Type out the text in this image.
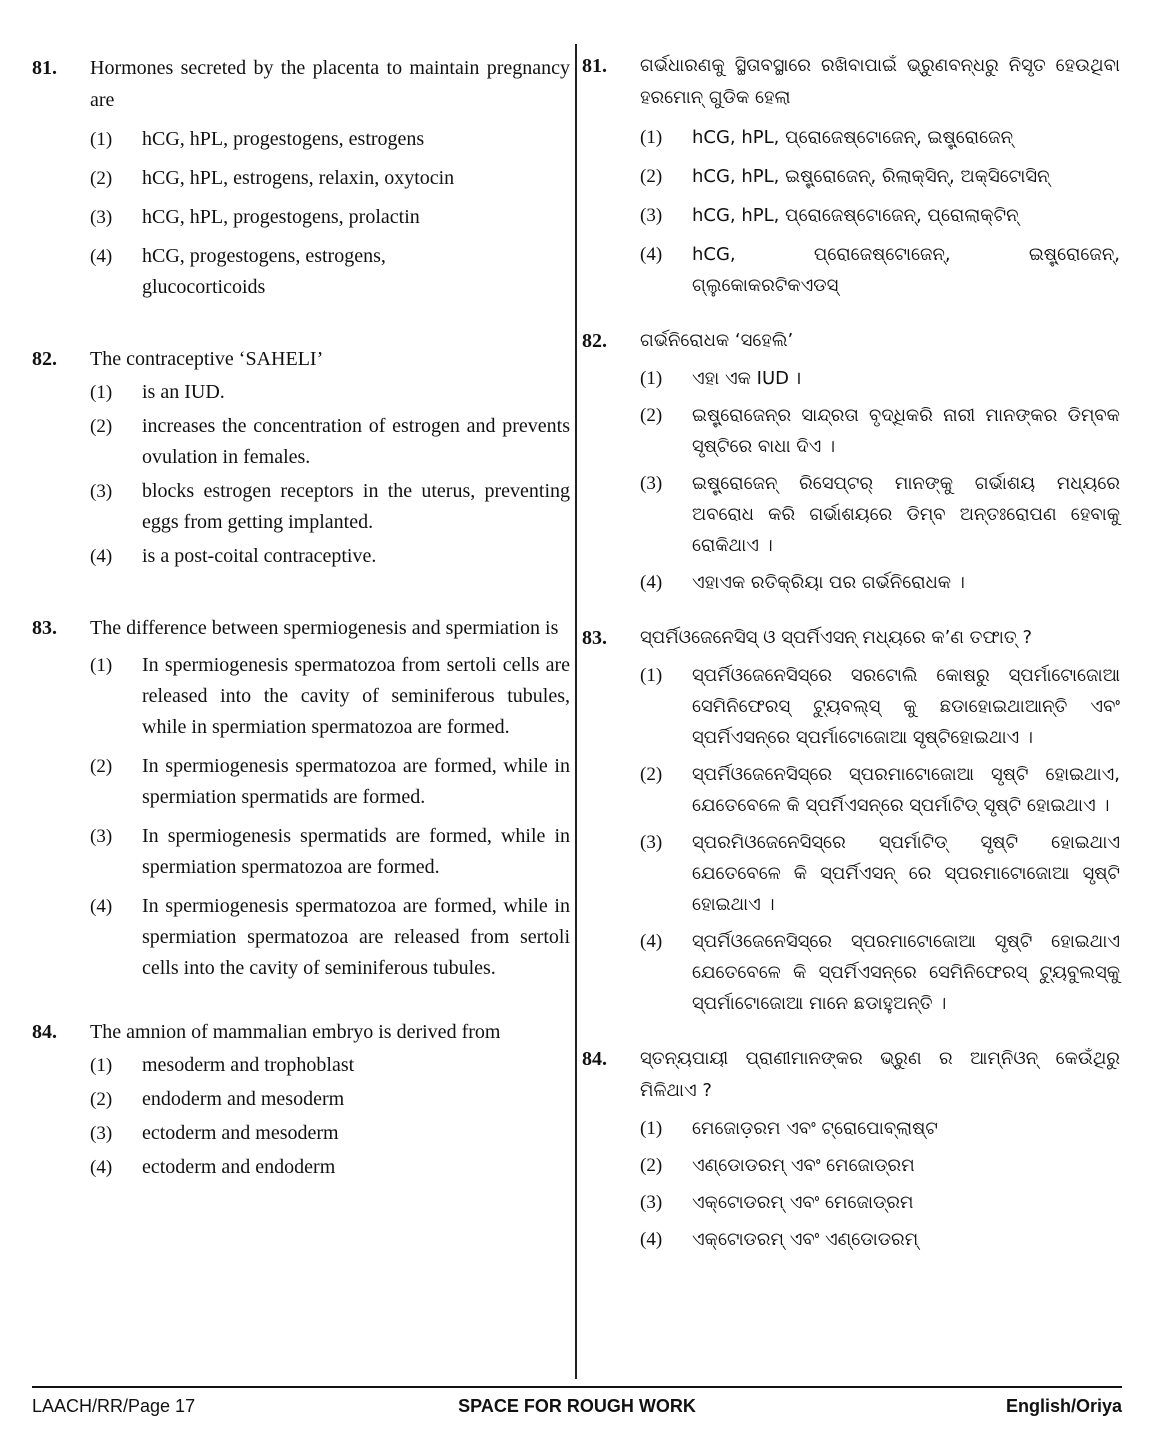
81.	Hormones secreted by the placenta to maintain pregnancy are
(1)	hCG, hPL, progestogens, estrogens
(2)	hCG, hPL, estrogens, relaxin, oxytocin
(3)	hCG, hPL, progestogens, prolactin
(4)	hCG, progestogens, estrogens, glucocorticoids
82.	The contraceptive ‘SAHELI’
(1)	is an IUD.
(2)	increases the concentration of estrogen and prevents ovulation in females.
(3)	blocks estrogen receptors in the uterus, preventing eggs from getting implanted.
(4)	is a post-coital contraceptive.
83.	The difference between spermiogenesis and spermiation is
(1)	In spermiogenesis spermatozoa from sertoli cells are released into the cavity of seminiferous tubules, while in spermiation spermatozoa are formed.
(2)	In spermiogenesis spermatozoa are formed, while in spermiation spermatids are formed.
(3)	In spermiogenesis spermatids are formed, while in spermiation spermatozoa are formed.
(4)	In spermiogenesis spermatozoa are formed, while in spermiation spermatozoa are released from sertoli cells into the cavity of seminiferous tubules.
84.	The amnion of mammalian embryo is derived from
(1)	mesoderm and trophoblast
(2)	endoderm and mesoderm
(3)	ectoderm and mesoderm
(4)	ectoderm and endoderm
81.	ଗର୍ଭଧାରଣକୁ ସ୍ଥିତାବସ୍ଥାରେ ରଖିବାପାଇଁ ଭ୍ରୁଣବନ୍ଧରୁ ନିସୃତ ହେଉଥିବା ହରମୋନ୍ ଗୁଡିକ ହେଲା
(1)	hCG, hPL, ପ୍ରୋଜେଷ୍ଟୋଜେନ୍, ଇଷ୍ଟ୍ରୋଜେନ୍
(2)	hCG, hPL, ଇଷ୍ଟ୍ରୋଜେନ୍, ରିଲାକ୍ସିନ୍, ଅକ୍ସିଟୋସିନ୍
(3)	hCG, hPL, ପ୍ରୋଜେଷ୍ଟୋଜେନ୍, ପ୍ରୋଲାକ୍ଟିନ୍
(4)	hCG, ପ୍ରୋଜେଷ୍ଟୋଜେନ୍, ଇଷ୍ଟ୍ରୋଜେନ୍, ଗ୍ଲୁକୋକରଟିକଏଡସ୍
82.	ଗର୍ଭନିରୋଧକ ‘ସହେଲି’
(1)	ଏହା ଏକ IUD ।
(2)	ଇଷ୍ଟ୍ରୋଜେନ୍‌ର ସାନ୍ଦ୍ରତା ବୃଦ୍ଧିକରି ନାରୀ ମାନଙ୍କର ଡିମ୍ବକ ସୃଷ୍ଟିରେ ବାଧା ଦିଏ ।
(3)	ଇଷ୍ଟ୍ରୋଜେନ୍ ରିସେପ୍ଟର୍ ମାନଙ୍କୁ ଗର୍ଭାଶୟ ମଧ୍ୟରେ ଅବରୋଧ କରି ଗର୍ଭାଶୟରେ ଡିମ୍ବ ଅନ୍ତଃରୋପଣ ହେବାକୁ ରୋକିଥାଏ ।
(4)	ଏହାଏକ ରତିକ୍ରିୟା ପର ଗର୍ଭନିରୋଧକ ।
83.	ସ୍ପର୍ମିଓଜେନେସିସ୍ ଓ ସ୍ପର୍ମିଏସନ୍ ମଧ୍ୟରେ କ’ଣ ତଫାତ୍ ?
(1)	ସ୍ପର୍ମିଓଜେନେସିସ୍‌ରେ ସରଟୋଲି କୋଷରୁ ସ୍ପର୍ମାଟୋଜୋଆ ସେମିନିଫେରସ୍ ଟ୍ୟୁବଲ୍ସ୍ କୁ ଛଡାହୋଇଥାଆନ୍ତି ଏବଂ ସ୍ପର୍ମିଏସନ୍‌ରେ ସ୍ପର୍ମାଟୋଜୋଆ ସୃଷ୍ଟିହୋଇଥାଏ ।
(2)	ସ୍ପର୍ମିଓଜେନେସିସ୍‌ରେ ସ୍ପରମାଟୋଜୋଆ ସୃଷ୍ଟି ହୋଇଥାଏ, ଯେତେବେଳେ କି ସ୍ପର୍ମିଏସନ୍‌ରେ ସ୍ପର୍ମାଟିଡ୍ ସୃଷ୍ଟି ହୋଇଥାଏ ।
(3)	ସ୍ପରମିଓଜେନେସିସ୍‌ରେ ସ୍ପର୍ମାଟିଡ୍ ସୃଷ୍ଟି ହୋଇଥାଏ ଯେତେବେଳେ କି ସ୍ପର୍ମିଏସନ୍ ରେ ସ୍ପରମାଟୋଜୋଆ ସୃଷ୍ଟି ହୋଇଥାଏ ।
(4)	ସ୍ପର୍ମିଓଜେନେସିସ୍‌ରେ ସ୍ପରମାଟୋଜୋଆ ସୃଷ୍ଟି ହୋଇଥାଏ ଯେତେବେଳେ କି ସ୍ପର୍ମିଏସନ୍‌ରେ ସେମିନିଫେରସ୍ ଟ୍ୟୁବୁଲସ୍‌କୁ ସ୍ପର୍ମାଟୋଜୋଆ ମାନେ ଛଡାହୁଅନ୍ତି ।
84.	ସ୍ତନ୍ୟପାୟୀ ପ୍ରାଣୀମାନଙ୍କର ଭ୍ରୁଣ ର ଆମ୍ନିଓନ୍ କେଉଁଥିରୁ ମିଳିଥାଏ ?
(1)	ମେଜୋଡ଼ରମ ଏବଂ ଟ୍ରୋପୋବ୍ଲାଷ୍ଟ
(2)	ଏଣ୍ଡୋଡରମ୍ ଏବଂ ମେଜୋଡ୍‌ରମ
(3)	ଏକ୍‌ଟୋଡରମ୍ ଏବଂ ମେଜୋଡ୍‌ରମ
(4)	ଏକ୍‌ଟୋଡରମ୍ ଏବଂ ଏଣ୍ଡୋଡରମ୍
LAACH/RR/Page 17	SPACE FOR ROUGH WORK	English/Oriya
